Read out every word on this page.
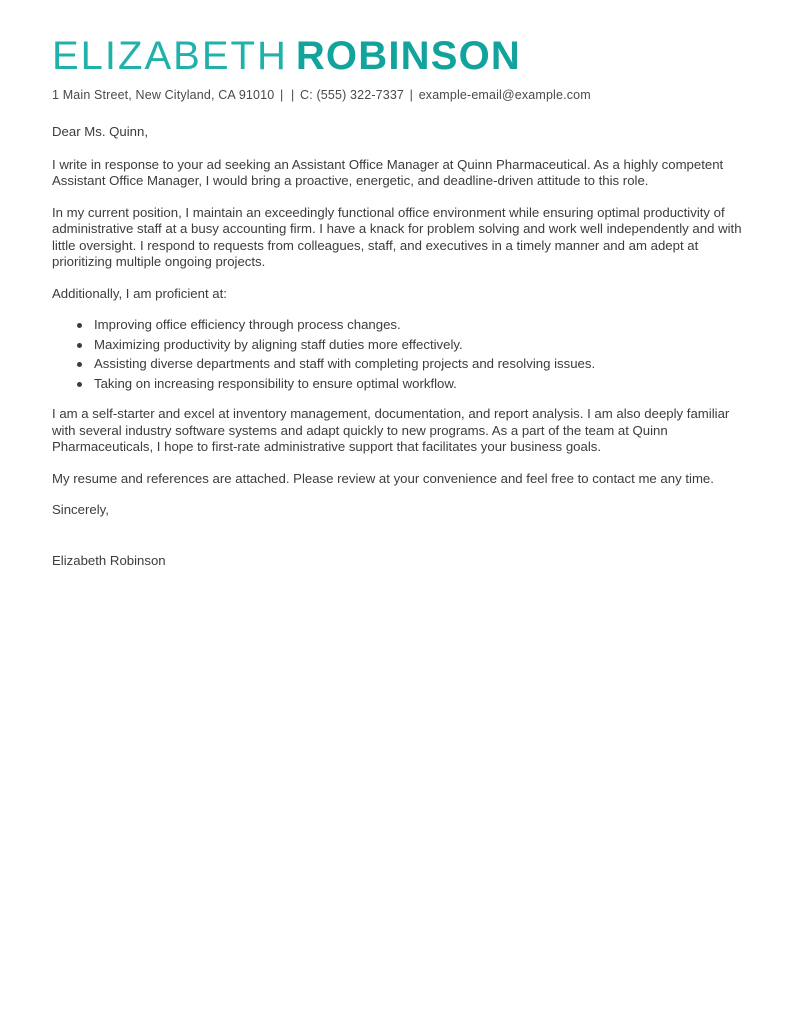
ELIZABETH ROBINSON
1 Main Street, New Cityland, CA 91010 | | C: (555) 322-7337 | example-email@example.com

Dear Ms. Quinn,

I write in response to your ad seeking an Assistant Office Manager at Quinn Pharmaceutical. As a highly competent Assistant Office Manager, I would bring a proactive, energetic, and deadline-driven attitude to this role.

In my current position, I maintain an exceedingly functional office environment while ensuring optimal productivity of administrative staff at a busy accounting firm. I have a knack for problem solving and work well independently and with little oversight. I respond to requests from colleagues, staff, and executives in a timely manner and am adept at prioritizing multiple ongoing projects.

Additionally, I am proficient at:

Improving office efficiency through process changes.
Maximizing productivity by aligning staff duties more effectively.
Assisting diverse departments and staff with completing projects and resolving issues.
Taking on increasing responsibility to ensure optimal workflow.

I am a self-starter and excel at inventory management, documentation, and report analysis. I am also deeply familiar with several industry software systems and adapt quickly to new programs. As a part of the team at Quinn Pharmaceuticals, I hope to first-rate administrative support that facilitates your business goals.

My resume and references are attached. Please review at your convenience and feel free to contact me any time.

Sincerely,

Elizabeth Robinson
